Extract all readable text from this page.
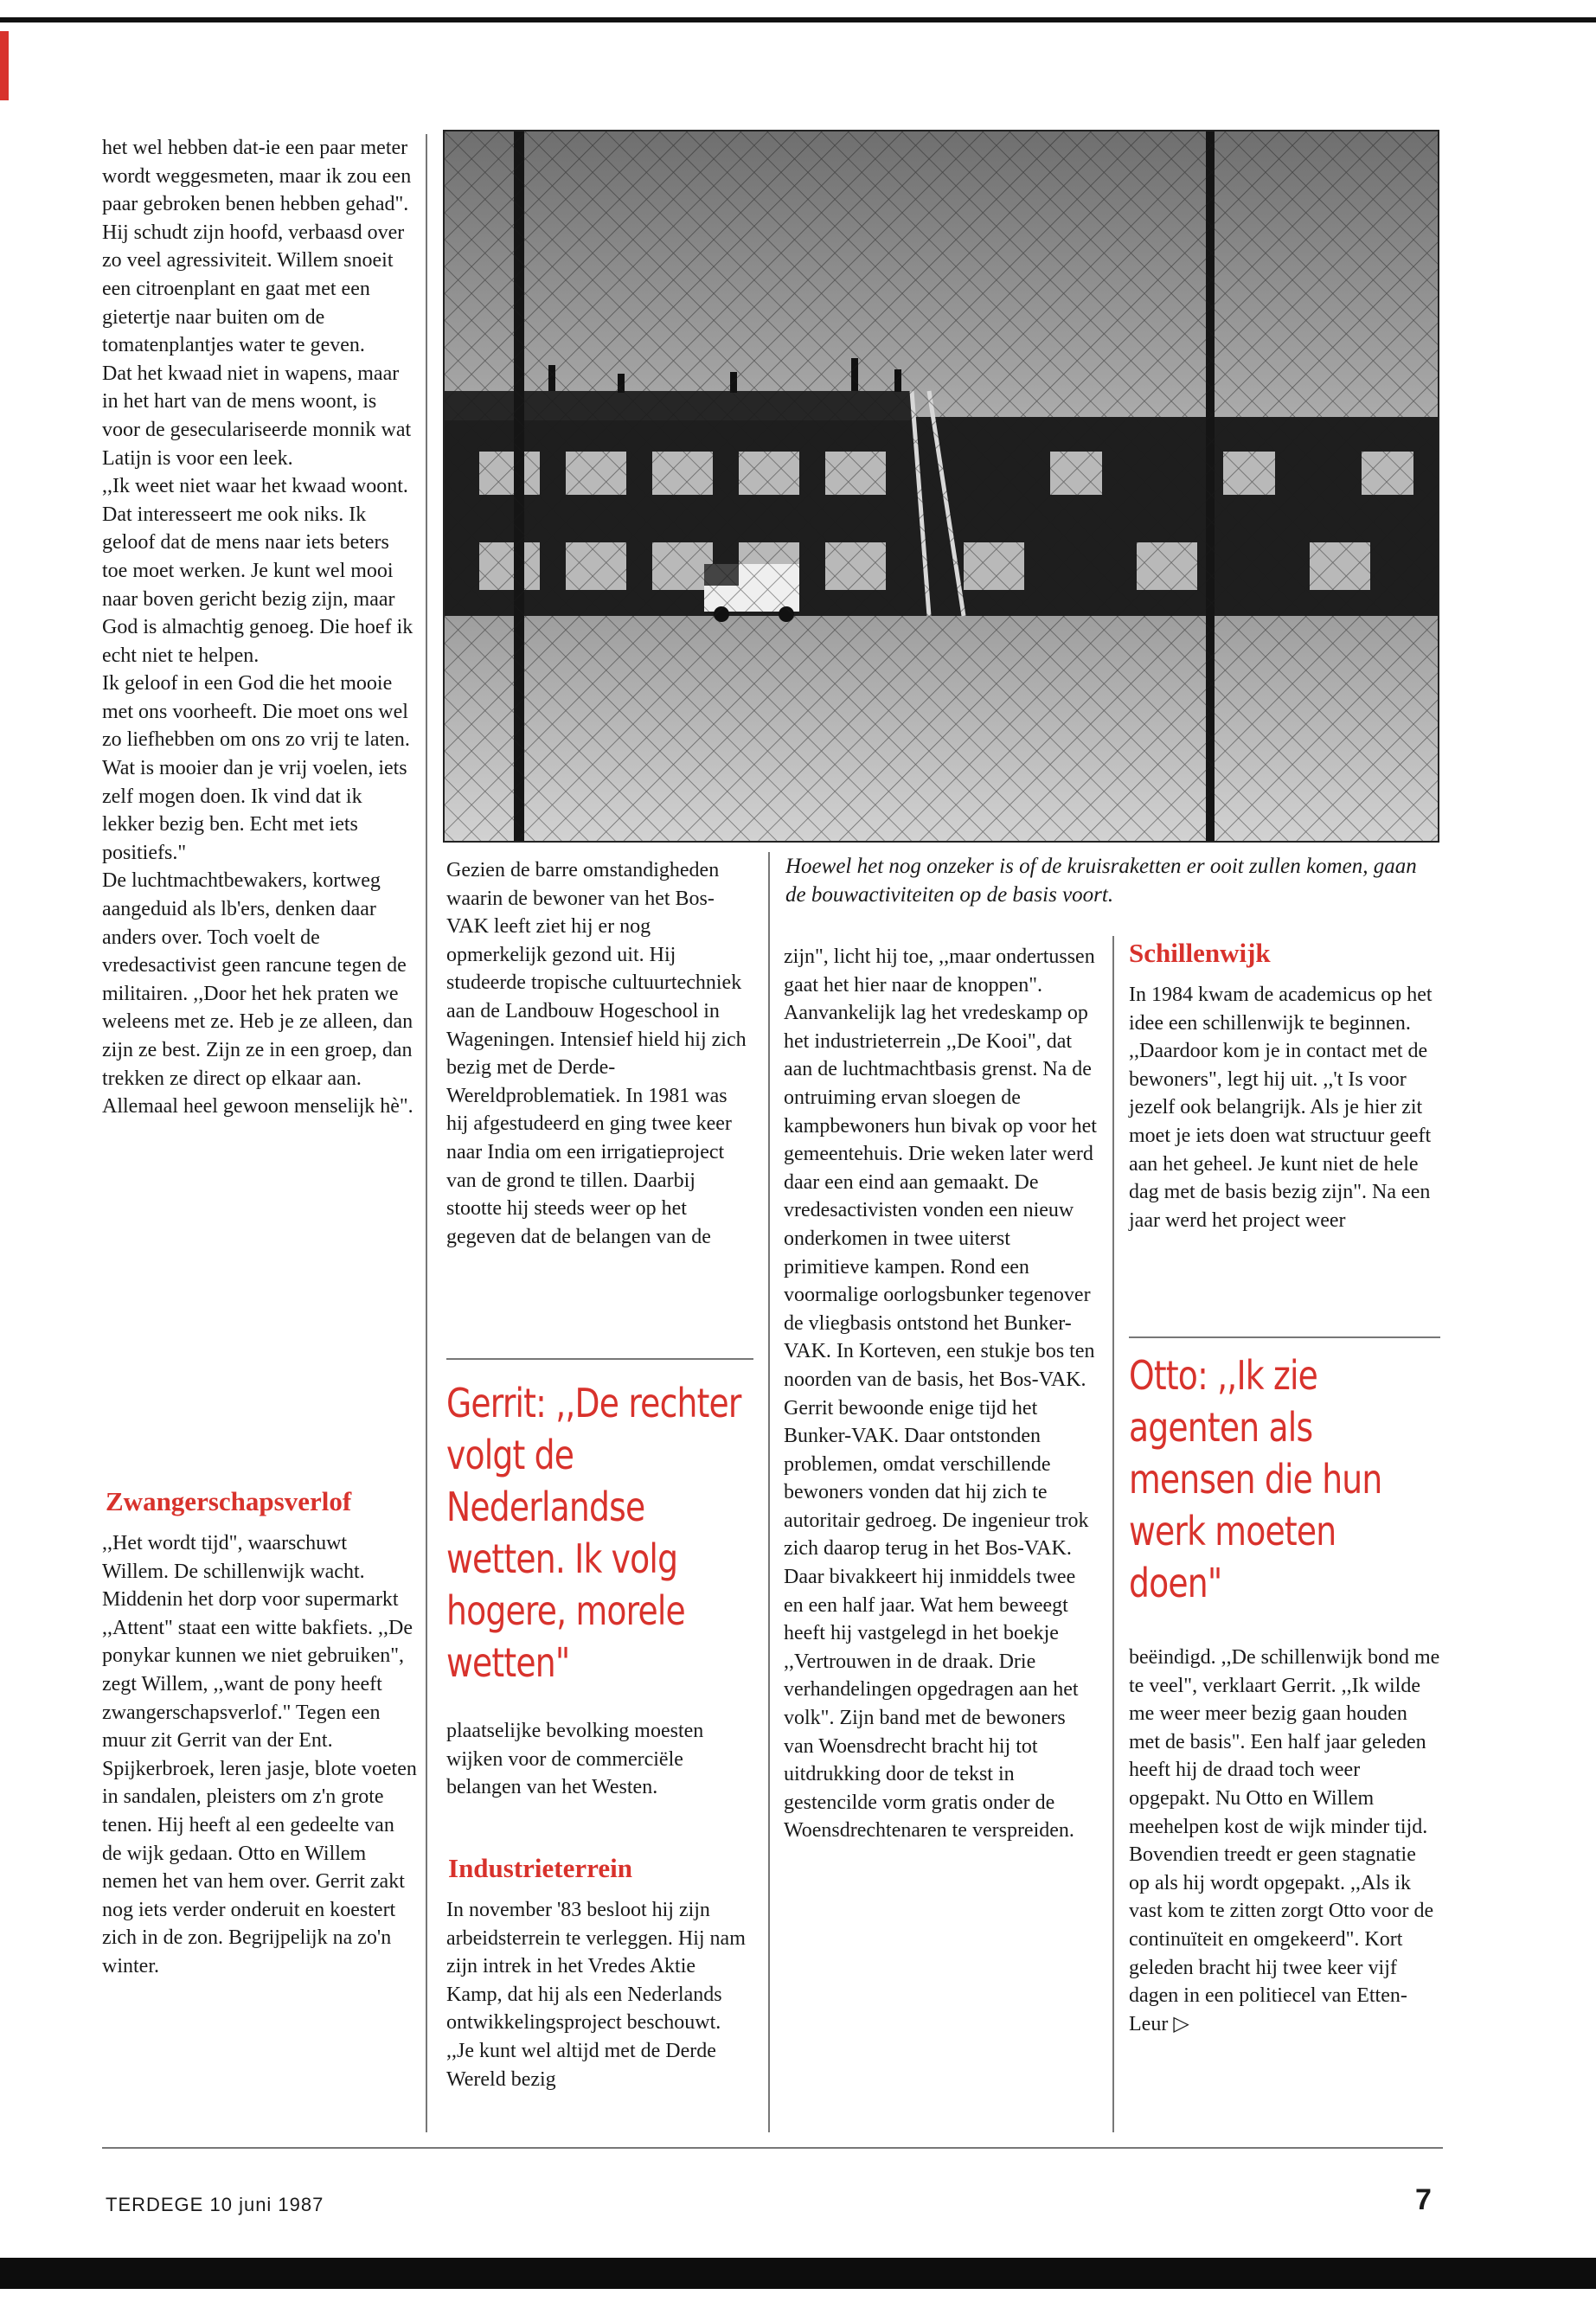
het wel hebben dat-ie een paar meter wordt weggesmeten, maar ik zou een paar gebroken benen hebben gehad". Hij schudt zijn hoofd, verbaasd over zo veel agressiviteit. Willem snoeit een citroenplant en gaat met een gietertje naar buiten om de tomatenplantjes water te geven.

Dat het kwaad niet in wapens, maar in het hart van de mens woont, is voor de geseculariseerde monnik wat Latijn is voor een leek.

,,Ik weet niet waar het kwaad woont. Dat interesseert me ook niks. Ik geloof dat de mens naar iets beters toe moet werken. Je kunt wel mooi naar boven gericht bezig zijn, maar God is almachtig genoeg. Die hoef ik echt niet te helpen.

Ik geloof in een God die het mooie met ons voorheeft. Die moet ons wel zo liefhebben om ons zo vrij te laten. Wat is mooier dan je vrij voelen, iets zelf mogen doen. Ik vind dat ik lekker bezig ben. Echt met iets positiefs."

De luchtmachtbewakers, kortweg aangeduid als lb'ers, denken daar anders over. Toch voelt de vredesactivist geen rancune tegen de militairen. ,,Door het hek praten we weleens met ze. Heb je ze alleen, dan zijn ze best. Zijn ze in een groep, dan trekken ze direct op elkaar aan. Allemaal heel gewoon menselijk hè".

Zwangerschapsverlof

,,Het wordt tijd", waarschuwt Willem. De schillenwijk wacht. Middenin het dorp voor supermarkt ,,Attent" staat een witte bakfiets. ,,De ponykar kunnen we niet gebruiken", zegt Willem, ,,want de pony heeft zwangerschapsverlof." Tegen een muur zit Gerrit van der Ent. Spijkerbroek, leren jasje, blote voeten in sandalen, pleisters om z'n grote tenen. Hij heeft al een gedeelte van de wijk gedaan. Otto en Willem nemen het van hem over. Gerrit zakt nog iets verder onderuit en koestert zich in de zon. Begrijpelijk na zo'n winter.

Hoewel het nog onzeker is of de kruisraketten er ooit zullen komen, gaan de bouwactiviteiten op de basis voort.

Gezien de barre omstandigheden waarin de bewoner van het Bos-VAK leeft ziet hij er nog opmerkelijk gezond uit. Hij studeerde tropische cultuurtechniek aan de Landbouw Hogeschool in Wageningen. Intensief hield hij zich bezig met de Derde-Wereldproblematiek. In 1981 was hij afgestudeerd en ging twee keer naar India om een irrigatieproject van de grond te tillen. Daarbij stootte hij steeds weer op het gegeven dat de belangen van de

Gerrit: ,,De rechter volgt de Nederlandse wetten. Ik volg hogere, morele wetten"

plaatselijke bevolking moesten wijken voor de commerciële belangen van het Westen.

Industrieterrein

In november '83 besloot hij zijn arbeidsterrein te verleggen. Hij nam zijn intrek in het Vredes Aktie Kamp, dat hij als een Nederlands ontwikkelingsproject beschouwt. ,,Je kunt wel altijd met de Derde Wereld bezig

zijn", licht hij toe, ,,maar ondertussen gaat het hier naar de knoppen". Aanvankelijk lag het vredeskamp op het industrieterrein ,,De Kooi", dat aan de luchtmachtbasis grenst. Na de ontruiming ervan sloegen de kampbewoners hun bivak op voor het gemeentehuis. Drie weken later werd daar een eind aan gemaakt. De vredesactivisten vonden een nieuw onderkomen in twee uiterst primitieve kampen. Rond een voormalige oorlogsbunker tegenover de vliegbasis ontstond het Bunker-VAK. In Korteven, een stukje bos ten noorden van de basis, het Bos-VAK. Gerrit bewoonde enige tijd het Bunker-VAK. Daar ontstonden problemen, omdat verschillende bewoners vonden dat hij zich te autoritair gedroeg. De ingenieur trok zich daarop terug in het Bos-VAK. Daar bivakkeert hij inmiddels twee en een half jaar. Wat hem beweegt heeft hij vastgelegd in het boekje ,,Vertrouwen in de draak. Drie verhandelingen opgedragen aan het volk". Zijn band met de bewoners van Woensdrecht bracht hij tot uitdrukking door de tekst in gestencilde vorm gratis onder de Woensdrechtenaren te verspreiden.

Schillenwijk

In 1984 kwam de academicus op het idee een schillenwijk te beginnen. ,,Daardoor kom je in contact met de bewoners", legt hij uit. ,,'t Is voor jezelf ook belangrijk. Als je hier zit moet je iets doen wat structuur geeft aan het geheel. Je kunt niet de hele dag met de basis bezig zijn". Na een jaar werd het project weer

Otto: ,,Ik zie agenten als mensen die hun werk moeten doen"

beëindigd. ,,De schillenwijk bond me te veel", verklaart Gerrit. ,,Ik wilde me weer meer bezig gaan houden met de basis". Een half jaar geleden heeft hij de draad toch weer opgepakt. Nu Otto en Willem meehelpen kost de wijk minder tijd. Bovendien treedt er geen stagnatie op als hij wordt opgepakt. ,,Als ik vast kom te zitten zorgt Otto voor de continuïteit en omgekeerd". Kort geleden bracht hij twee keer vijf dagen in een politiecel van Etten-Leur ▷

TERDEGE 10 juni 1987	7
